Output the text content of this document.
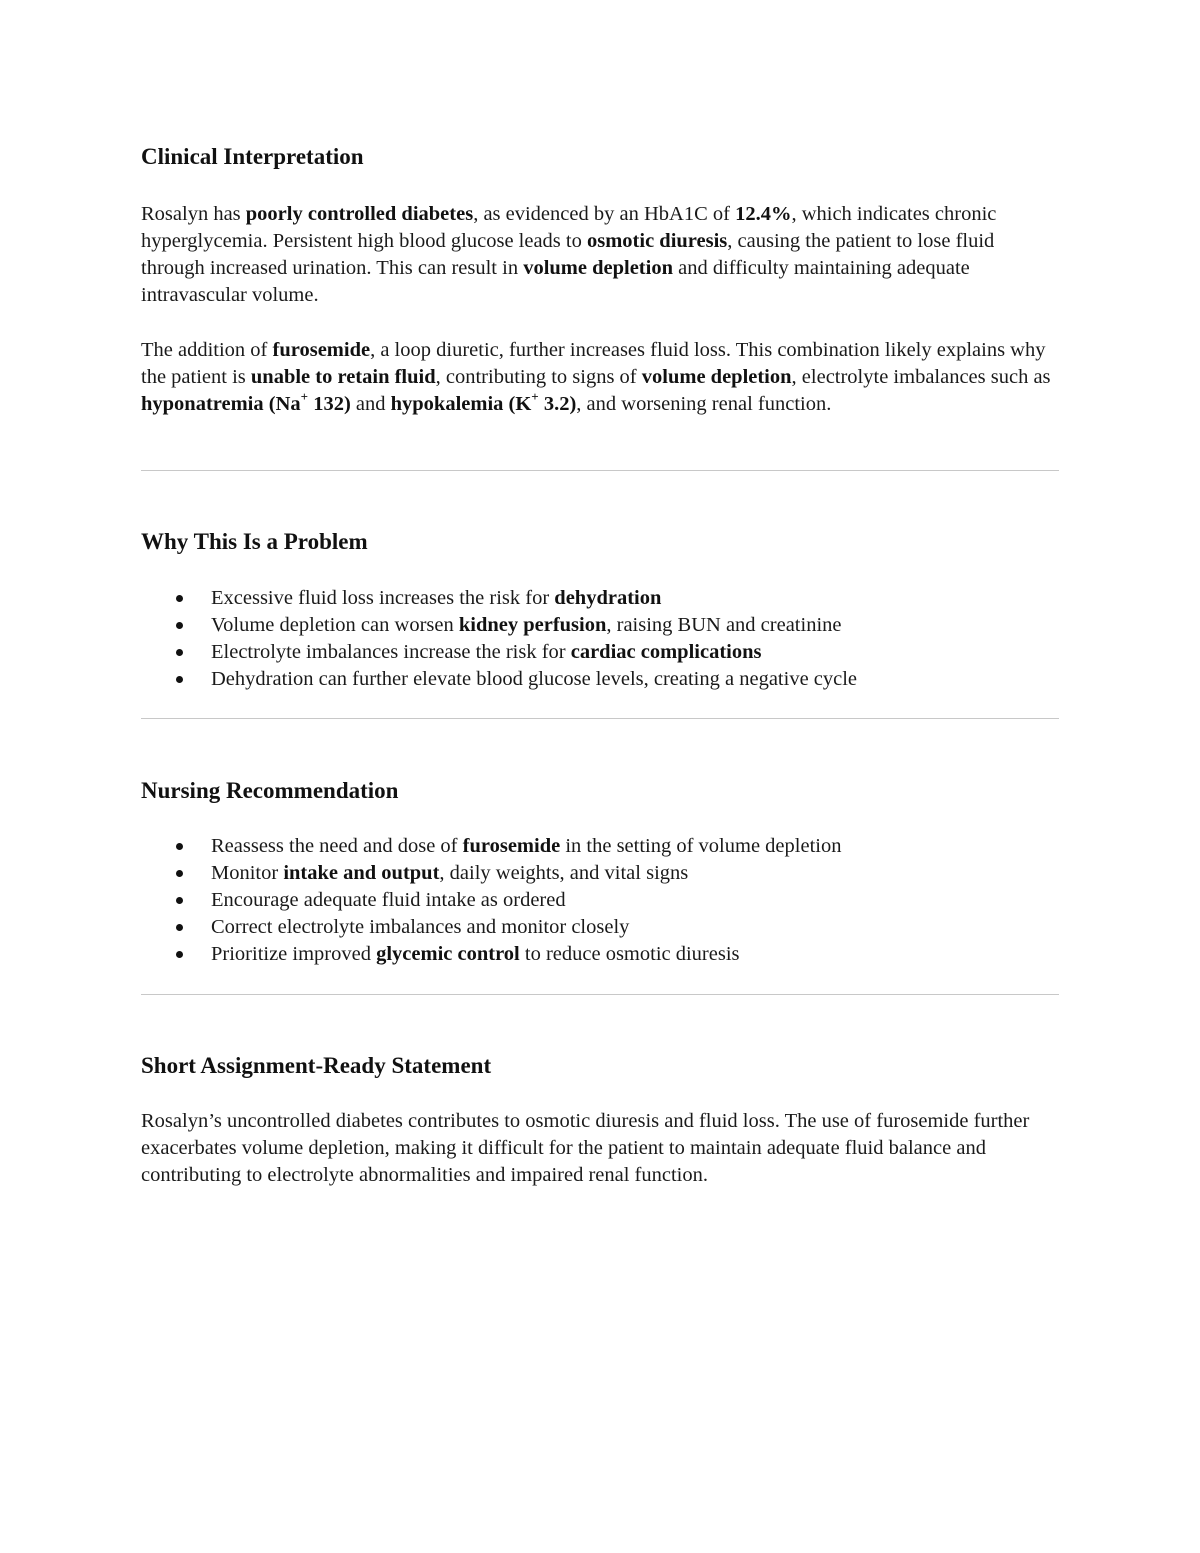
Clinical Interpretation

Rosalyn has poorly controlled diabetes, as evidenced by an HbA1C of 12.4%, which indicates chronic hyperglycemia. Persistent high blood glucose leads to osmotic diuresis, causing the patient to lose fluid through increased urination. This can result in volume depletion and difficulty maintaining adequate intravascular volume.

The addition of furosemide, a loop diuretic, further increases fluid loss. This combination likely explains why the patient is unable to retain fluid, contributing to signs of volume depletion, electrolyte imbalances such as hyponatremia (Na+ 132) and hypokalemia (K+ 3.2), and worsening renal function.

Why This Is a Problem
Excessive fluid loss increases the risk for dehydration
Volume depletion can worsen kidney perfusion, raising BUN and creatinine
Electrolyte imbalances increase the risk for cardiac complications
Dehydration can further elevate blood glucose levels, creating a negative cycle
Nursing Recommendation
Reassess the need and dose of furosemide in the setting of volume depletion
Monitor intake and output, daily weights, and vital signs
Encourage adequate fluid intake as ordered
Correct electrolyte imbalances and monitor closely
Prioritize improved glycemic control to reduce osmotic diuresis
Short Assignment-Ready Statement

Rosalyn’s uncontrolled diabetes contributes to osmotic diuresis and fluid loss. The use of furosemide further exacerbates volume depletion, making it difficult for the patient to maintain adequate fluid balance and contributing to electrolyte abnormalities and impaired renal function.
